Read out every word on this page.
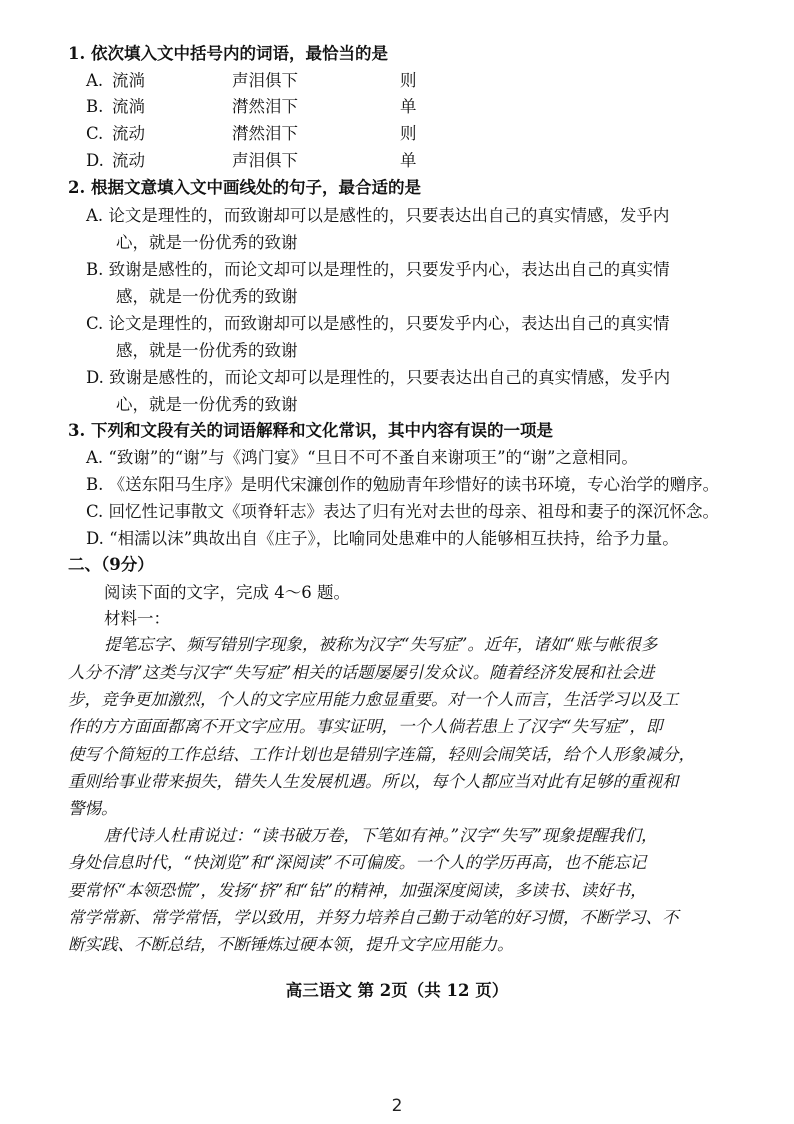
1. 依次填入文中括号内的词语，最恰当的是
A. 流淌	声泪俱下	则
B. 流淌	潸然泪下	单
C. 流动	潸然泪下	则
D. 流动	声泪俱下	单
2. 根据文意填入文中画线处的句子，最合适的是
A. 论文是理性的，而致谢却可以是感性的，只要表达出自己的真实情感，发乎内
心，就是一份优秀的致谢
B. 致谢是感性的，而论文却可以是理性的，只要发乎内心，表达出自己的真实情
感，就是一份优秀的致谢
C. 论文是理性的，而致谢却可以是感性的，只要发乎内心，表达出自己的真实情
感，就是一份优秀的致谢
D. 致谢是感性的，而论文却可以是理性的，只要表达出自己的真实情感，发乎内
心，就是一份优秀的致谢
3. 下列和文段有关的词语解释和文化常识，其中内容有误的一项是
A. “致谢”的“谢”与《鸿门宴》“旦日不可不蚤自来谢项王”的“谢”之意相同。
B. 《送东阳马生序》是明代宋濂创作的勉励青年珍惜好的读书环境，专心治学的赠序。
C. 回忆性记事散文《项脊轩志》表达了归有光对去世的母亲、祖母和妻子的深沉怀念。
D. “相濡以沫”典故出自《庄子》，比喻同处患难中的人能够相互扶持，给予力量。
二、（9分）
阅读下面的文字，完成 4～6 题。
材料一：
提笔忘字、频写错别字现象，被称为汉字“失写症”。近年，诸如“账与帐很多
人分不清”这类与汉字“失写症”相关的话题屡屡引发众议。随着经济发展和社会进
步，竞争更加激烈，个人的文字应用能力愈显重要。对一个人而言，生活学习以及工
作的方方面面都离不开文字应用。事实证明，一个人倘若患上了汉字“失写症”，即
使写个简短的工作总结、工作计划也是错别字连篇，轻则会闹笑话，给个人形象减分，
重则给事业带来损失，错失人生发展机遇。所以，每个人都应当对此有足够的重视和
警惕。
唐代诗人杜甫说过：“读书破万卷，下笔如有神。”汉字“失写”现象提醒我们，
身处信息时代，“快浏览”和“深阅读”不可偏废。一个人的学历再高，也不能忘记
要常怀“本领恐慌”，发扬“挤”和“钻”的精神，加强深度阅读，多读书、读好书，
常学常新、常学常悟，学以致用，并努力培养自己勤于动笔的好习惯，不断学习、不
断实践、不断总结，不断锤炼过硬本领，提升文字应用能力。
高三语文 第 2页（共 12 页）
2
